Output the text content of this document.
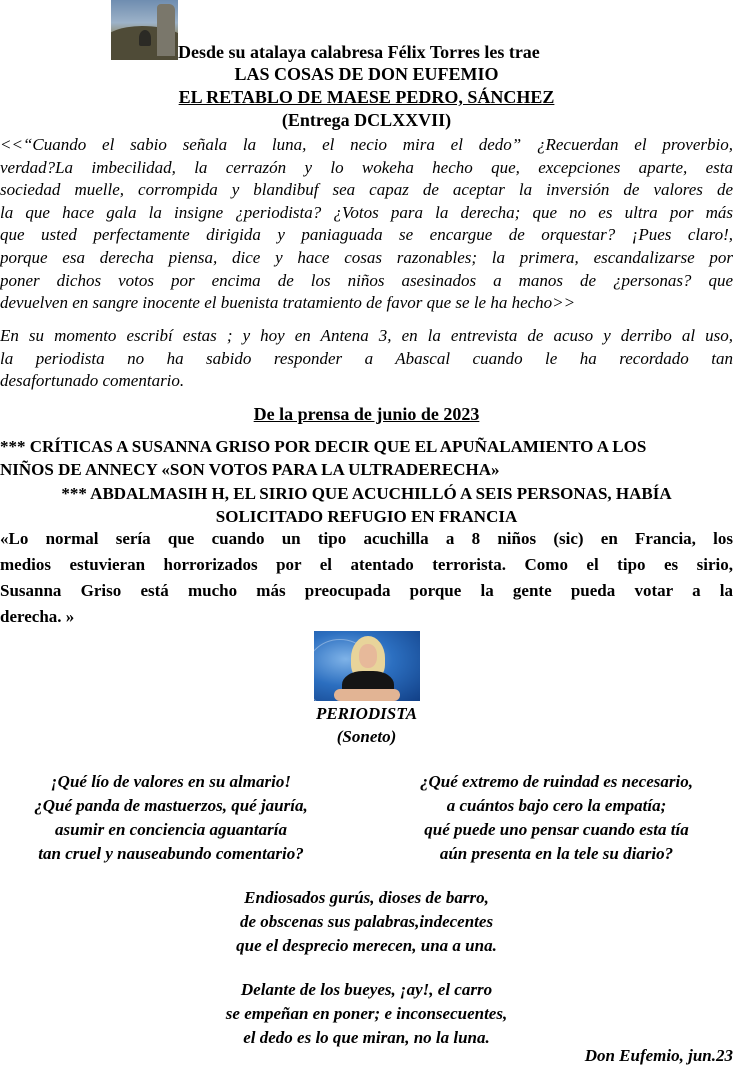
Desde su atalaya calabresa Félix Torres les trae
LAS COSAS DE DON EUFEMIO
EL RETABLO DE MAESE PEDRO, SÁNCHEZ
(Entrega DCLXXVII)
<<“Cuando el sabio señala la luna, el necio mira el dedo” ¿Recuerdan el proverbio,
verdad?La imbecilidad, la cerrazón y lo wokeha hecho que, excepciones aparte, esta
sociedad muelle, corrompida y blandibuf sea capaz de aceptar la inversión de valores de
la que hace gala la insigne ¿periodista? ¿Votos para la derecha; que no es ultra por más
que usted perfectamente dirigida y paniaguada se encargue de orquestar? ¡Pues claro!,
porque esa derecha piensa, dice y hace cosas razonables; la primera, escandalizarse por
poner dichos votos por encima de los niños asesinados a manos de ¿personas? que
devuelven en sangre inocente el buenista tratamiento de favor que se le ha hecho>>
En su momento escribí estas ; y hoy en Antena 3, en la entrevista de acuso y derribo al uso,
la periodista no ha sabido responder a Abascal cuando le ha recordado tan
desafortunado comentario.
De la prensa de junio de 2023
*** CRÍTICAS A SUSANNA GRISO POR DECIR QUE EL APUÑALAMIENTO A LOS
NIÑOS DE ANNECY «SON VOTOS PARA LA ULTRADERECHA»
*** ABDALMASIH H, EL SIRIO QUE ACUCHILLÓ A SEIS PERSONAS, HABÍA
SOLICITADO REFUGIO EN FRANCIA
«Lo normal sería que cuando un tipo acuchilla a 8 niños (sic) en Francia, los
medios estuvieran horrorizados por el atentado terrorista. Como el tipo es sirio,
Susanna Griso está mucho más preocupada porque la gente pueda votar a la
derecha. »
PERIODISTA
(Soneto)
¡Qué lío de valores en su almario!
¿Qué panda de mastuerzos, qué jauría,
asumir en conciencia aguantaría
tan cruel y nauseabundo comentario?
¿Qué extremo de ruindad es necesario,
a cuántos bajo cero la empatía;
qué puede uno pensar cuando esta tía
aún presenta en la tele su diario?
Endiosados gurús, dioses de barro,
de obscenas sus palabras,indecentes
que el desprecio merecen, una a una.
Delante de los bueyes, ¡ay!, el carro
se empeñan en poner; e inconsecuentes,
el dedo es lo que miran, no la luna.
Don Eufemio, jun.23
